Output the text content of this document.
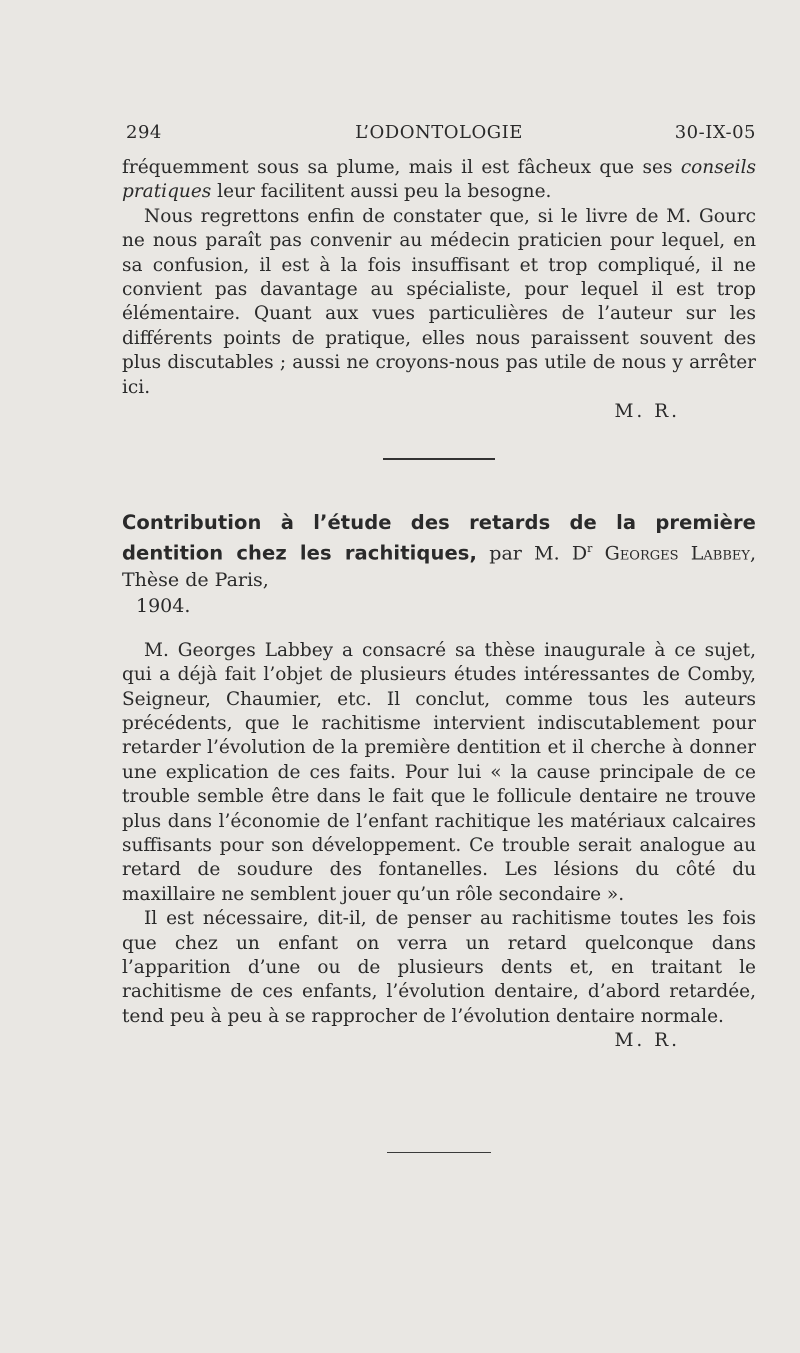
294	L’ODONTOLOGIE	30-IX-05

fréquemment sous sa plume, mais il est fâcheux que ses conseils pratiques leur facilitent aussi peu la besogne.

Nous regrettons enfin de constater que, si le livre de M. Gourc ne nous paraît pas convenir au médecin praticien pour lequel, en sa confusion, il est à la fois insuffisant et trop compliqué, il ne convient pas davantage au spécialiste, pour lequel il est trop élémentaire. Quant aux vues particulières de l’auteur sur les différents points de pratique, elles nous paraissent souvent des plus discutables ; aussi ne croyons-nous pas utile de nous y arrêter ici.

M. R.

Contribution à l’étude des retards de la première dentition chez les rachitiques, par M. $D^r$ Georges Labbey, Thèse de Paris,
1904.

M. Georges Labbey a consacré sa thèse inaugurale à ce sujet, qui a déjà fait l’objet de plusieurs études intéressantes de Comby, Seigneur, Chaumier, etc. Il conclut, comme tous les auteurs précédents, que le rachitisme intervient indiscutablement pour retarder l’évolution de la première dentition et il cherche à donner une explication de ces faits. Pour lui « la cause principale de ce trouble semble être dans le fait que le follicule dentaire ne trouve plus dans l’économie de l’enfant rachitique les matériaux calcaires suffisants pour son développement. Ce trouble serait analogue au retard de soudure des fontanelles. Les lésions du côté du maxillaire ne semblent jouer qu’un rôle secondaire ».

Il est nécessaire, dit-il, de penser au rachitisme toutes les fois que chez un enfant on verra un retard quelconque dans l’apparition d’une ou de plusieurs dents et, en traitant le rachitisme de ces enfants, l’évolution dentaire, d’abord retardée, tend peu à peu à se rapprocher de l’évolution dentaire normale.

M. R.
